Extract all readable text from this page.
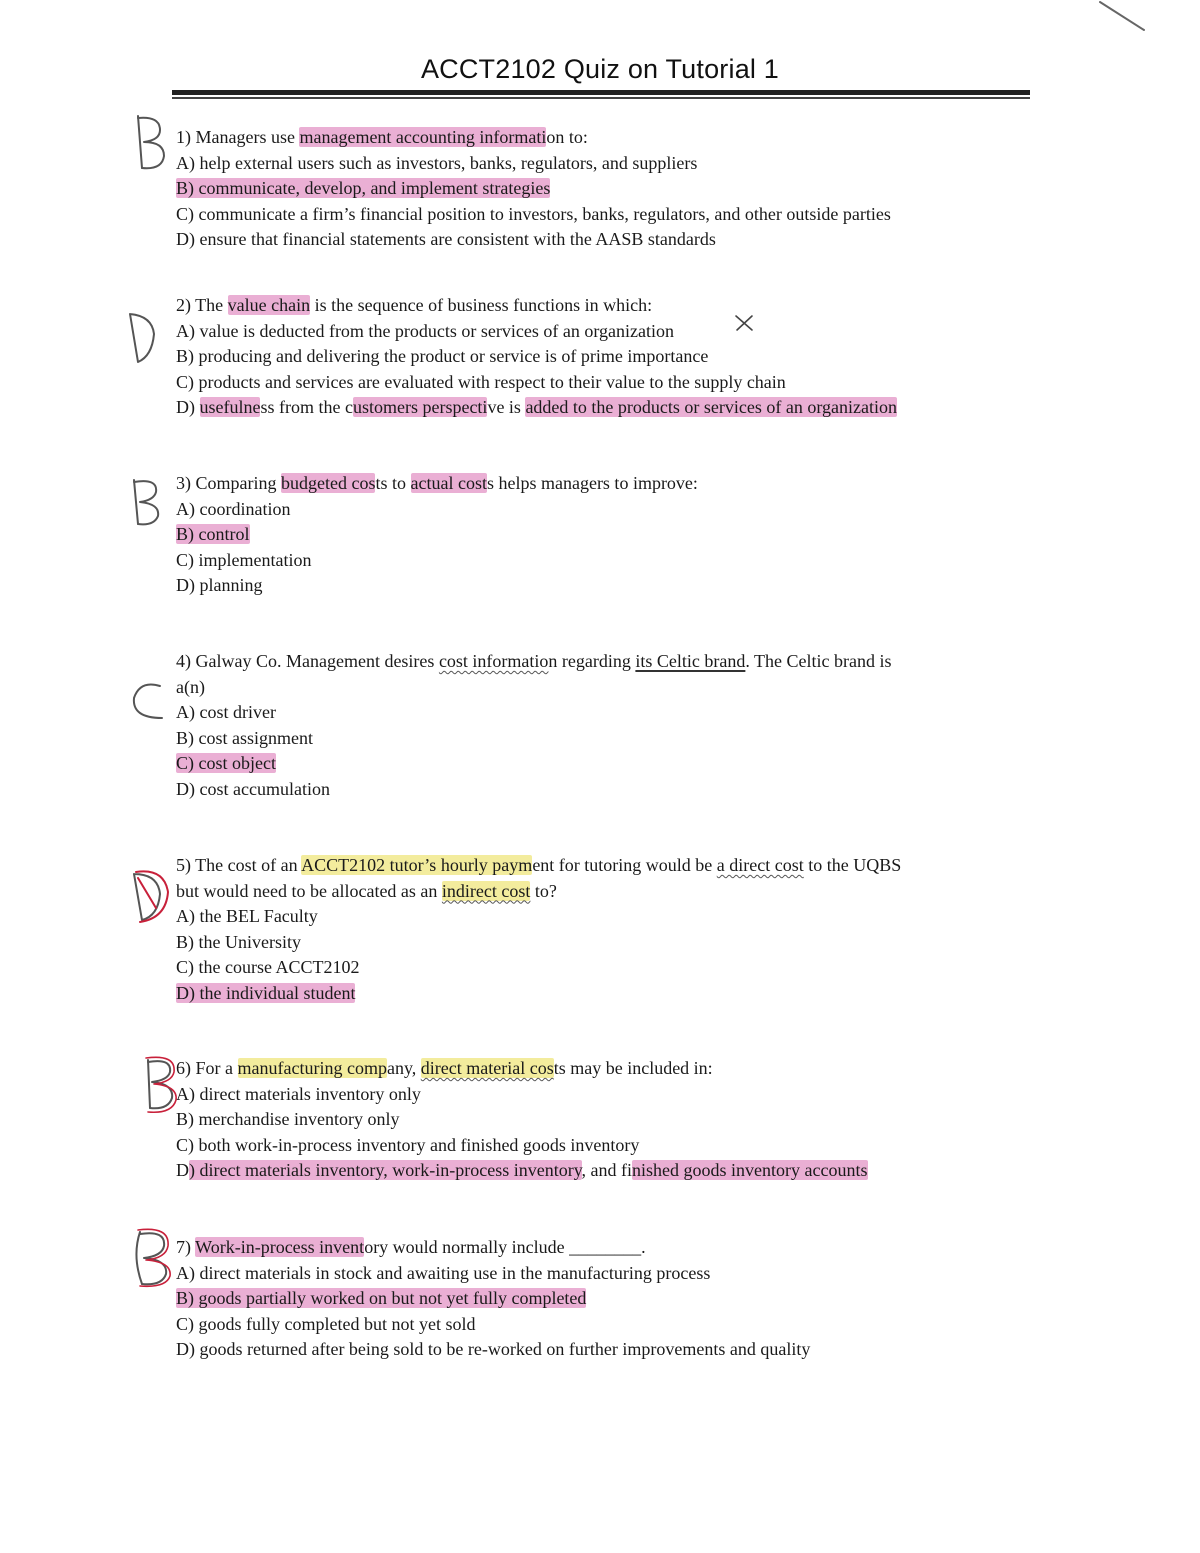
ACCT2102 Quiz on Tutorial 1
1) Managers use management accounting information to:
A) help external users such as investors, banks, regulators, and suppliers
B) communicate, develop, and implement strategies
C) communicate a firm’s financial position to investors, banks, regulators, and other outside parties
D) ensure that financial statements are consistent with the AASB standards
2) The value chain is the sequence of business functions in which:
A) value is deducted from the products or services of an organization
B) producing and delivering the product or service is of prime importance
C) products and services are evaluated with respect to their value to the supply chain
D) usefulness from the customers perspective is added to the products or services of an organization
3) Comparing budgeted costs to actual costs helps managers to improve:
A) coordination
B) control
C) implementation
D) planning
4) Galway Co. Management desires cost information regarding its Celtic brand. The Celtic brand is
a(n)
A) cost driver
B) cost assignment
C) cost object
D) cost accumulation
5) The cost of an ACCT2102 tutor’s hourly payment for tutoring would be a direct cost to the UQBS
but would need to be allocated as an indirect cost to?
A) the BEL Faculty
B) the University
C) the course ACCT2102
D) the individual student
6) For a manufacturing company, direct material costs may be included in:
A) direct materials inventory only
B) merchandise inventory only
C) both work-in-process inventory and finished goods inventory
D) direct materials inventory, work-in-process inventory, and finished goods inventory accounts
7) Work-in-process inventory would normally include ________.
A) direct materials in stock and awaiting use in the manufacturing process
B) goods partially worked on but not yet fully completed
C) goods fully completed but not yet sold
D) goods returned after being sold to be re-worked on further improvements and quality
